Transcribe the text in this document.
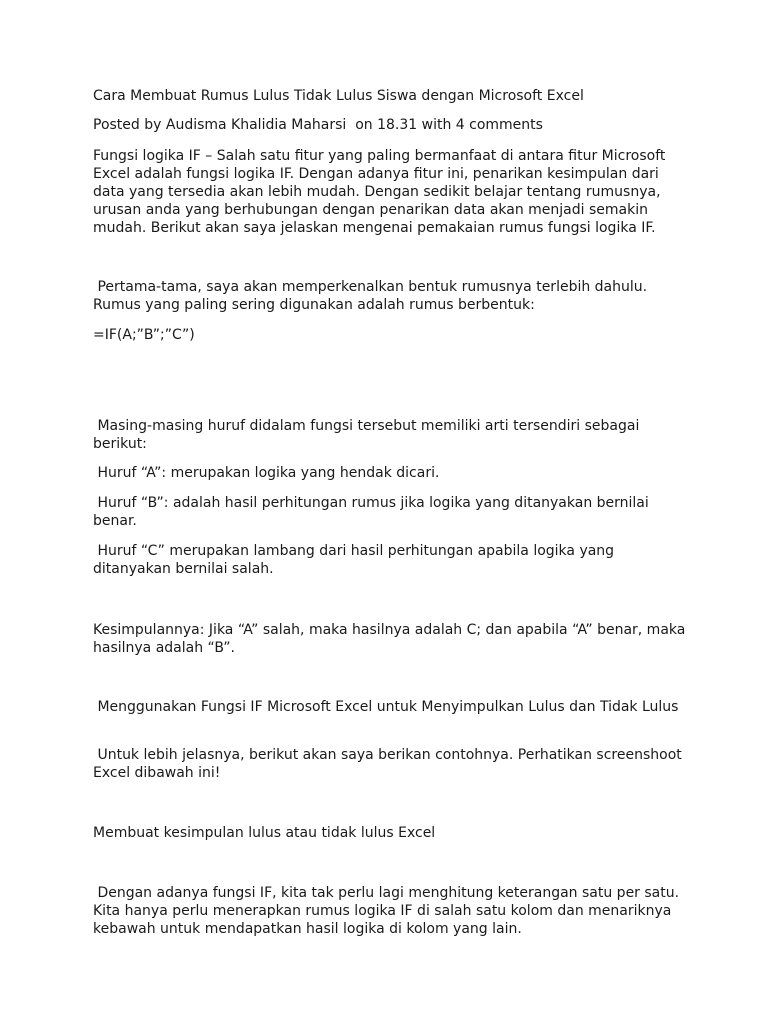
Cara Membuat Rumus Lulus Tidak Lulus Siswa dengan Microsoft Excel

Posted by Audisma Khalidia Maharsi  on 18.31 with 4 comments

Fungsi logika IF – Salah satu fitur yang paling bermanfaat di antara fitur Microsoft Excel adalah fungsi logika IF. Dengan adanya fitur ini, penarikan kesimpulan dari data yang tersedia akan lebih mudah. Dengan sedikit belajar tentang rumusnya, urusan anda yang berhubungan dengan penarikan data akan menjadi semakin mudah. Berikut akan saya jelaskan mengenai pemakaian rumus fungsi logika IF.

Pertama-tama, saya akan memperkenalkan bentuk rumusnya terlebih dahulu. Rumus yang paling sering digunakan adalah rumus berbentuk:

=IF(A;”B”;”C”)

Masing-masing huruf didalam fungsi tersebut memiliki arti tersendiri sebagai berikut:

Huruf “A”: merupakan logika yang hendak dicari.

Huruf “B”: adalah hasil perhitungan rumus jika logika yang ditanyakan bernilai benar.

Huruf “C” merupakan lambang dari hasil perhitungan apabila logika yang ditanyakan bernilai salah.

Kesimpulannya: Jika “A” salah, maka hasilnya adalah C; dan apabila “A” benar, maka hasilnya adalah “B”.

Menggunakan Fungsi IF Microsoft Excel untuk Menyimpulkan Lulus dan Tidak Lulus

Untuk lebih jelasnya, berikut akan saya berikan contohnya. Perhatikan screenshoot Excel dibawah ini!

Membuat kesimpulan lulus atau tidak lulus Excel

Dengan adanya fungsi IF, kita tak perlu lagi menghitung keterangan satu per satu. Kita hanya perlu menerapkan rumus logika IF di salah satu kolom dan menariknya kebawah untuk mendapatkan hasil logika di kolom yang lain.
